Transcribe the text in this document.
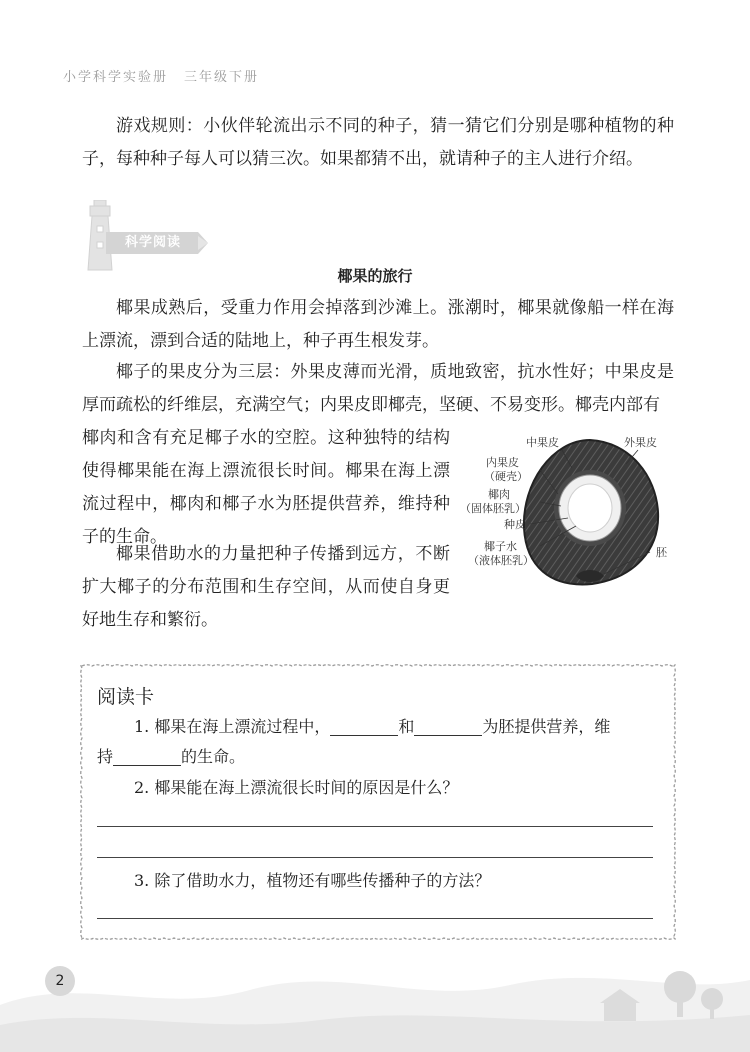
小学科学实验册 三年级下册

游戏规则：小伙伴轮流出示不同的种子，猜一猜它们分别是哪种植物的种子，每种种子每人可以猜三次。如果都猜不出，就请种子的主人进行介绍。

科学阅读
椰果的旅行

椰果成熟后，受重力作用会掉落到沙滩上。涨潮时，椰果就像船一样在海上漂流，漂到合适的陆地上，种子再生根发芽。

椰子的果皮分为三层：外果皮薄而光滑，质地致密，抗水性好；中果皮是厚而疏松的纤维层，充满空气；内果皮即椰壳，坚硬、不易变形。椰壳内部有

椰肉和含有充足椰子水的空腔。这种独特的结构使得椰果能在海上漂流很长时间。椰果在海上漂流过程中，椰肉和椰子水为胚提供营养，维持种子的生命。

椰果借助水的力量把种子传播到远方，不断扩大椰子的分布范围和生存空间，从而使自身更好地生存和繁衍。

中果皮	外果皮
内果皮
（硬壳）
椰肉
（固体胚乳）
种皮
椰子水
（液体胚乳）
胚
阅读卡

1. 椰果在海上漂流过程中，	和	为胚提供营养，维

持	的生命。

2. 椰果能在海上漂流很长时间的原因是什么？

3. 除了借助水力，植物还有哪些传播种子的方法？

2
